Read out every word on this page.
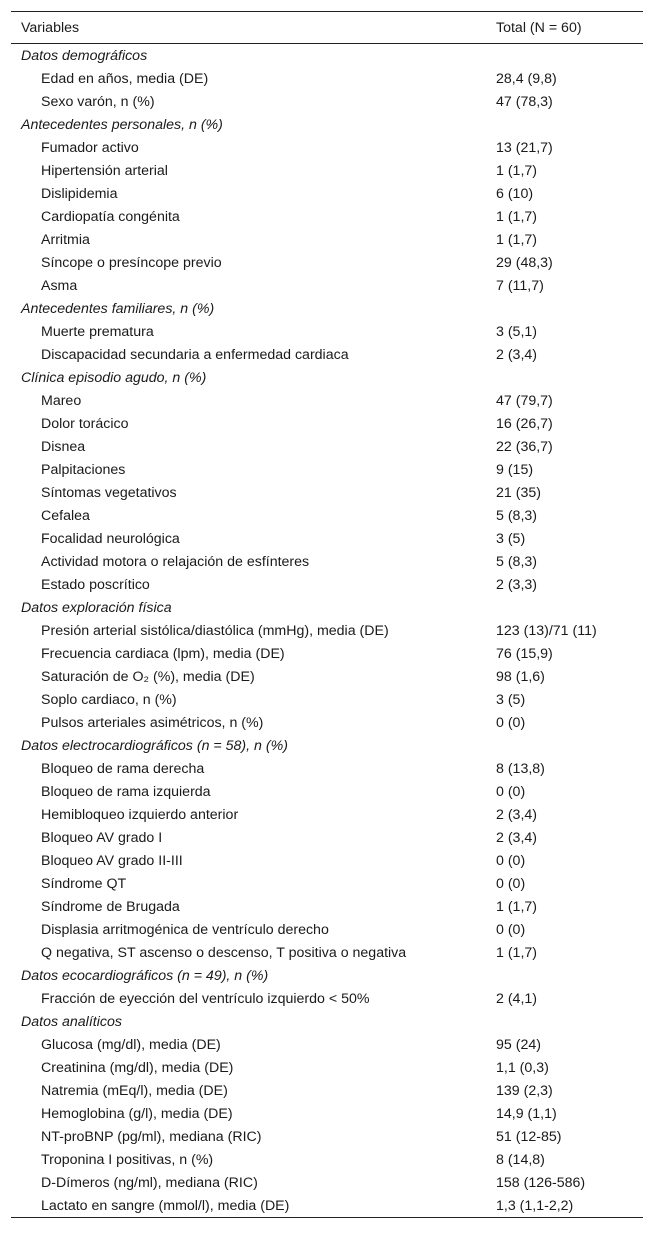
Variables	Total (N = 60)
Datos demográficos
Edad en años, media (DE)	28,4 (9,8)
Sexo varón, n (%)	47 (78,3)
Antecedentes personales, n (%)
Fumador activo	13 (21,7)
Hipertensión arterial	1 (1,7)
Dislipidemia	6 (10)
Cardiopatía congénita	1 (1,7)
Arritmia	1 (1,7)
Síncope o presíncope previo	29 (48,3)
Asma	7 (11,7)
Antecedentes familiares, n (%)
Muerte prematura	3 (5,1)
Discapacidad secundaria a enfermedad cardiaca	2 (3,4)
Clínica episodio agudo, n (%)
Mareo	47 (79,7)
Dolor torácico	16 (26,7)
Disnea	22 (36,7)
Palpitaciones	9 (15)
Síntomas vegetativos	21 (35)
Cefalea	5 (8,3)
Focalidad neurológica	3 (5)
Actividad motora o relajación de esfínteres	5 (8,3)
Estado poscrítico	2 (3,3)
Datos exploración física
Presión arterial sistólica/diastólica (mmHg), media (DE)	123 (13)/71 (11)
Frecuencia cardiaca (lpm), media (DE)	76 (15,9)
Saturación de O₂ (%), media (DE)	98 (1,6)
Soplo cardiaco, n (%)	3 (5)
Pulsos arteriales asimétricos, n (%)	0 (0)
Datos electrocardiográficos (n = 58), n (%)
Bloqueo de rama derecha	8 (13,8)
Bloqueo de rama izquierda	0 (0)
Hemibloqueo izquierdo anterior	2 (3,4)
Bloqueo AV grado I	2 (3,4)
Bloqueo AV grado II-III	0 (0)
Síndrome QT	0 (0)
Síndrome de Brugada	1 (1,7)
Displasia arritmogénica de ventrículo derecho	0 (0)
Q negativa, ST ascenso o descenso, T positiva o negativa	1 (1,7)
Datos ecocardiográficos (n = 49), n (%)
Fracción de eyección del ventrículo izquierdo < 50%	2 (4,1)
Datos analíticos
Glucosa (mg/dl), media (DE)	95 (24)
Creatinina (mg/dl), media (DE)	1,1 (0,3)
Natremia (mEq/l), media (DE)	139 (2,3)
Hemoglobina (g/l), media (DE)	14,9 (1,1)
NT-proBNP (pg/ml), mediana (RIC)	51 (12-85)
Troponina I positivas, n (%)	8 (14,8)
D-Dímeros (ng/ml), mediana (RIC)	158 (126-586)
Lactato en sangre (mmol/l), media (DE)	1,3 (1,1-2,2)
